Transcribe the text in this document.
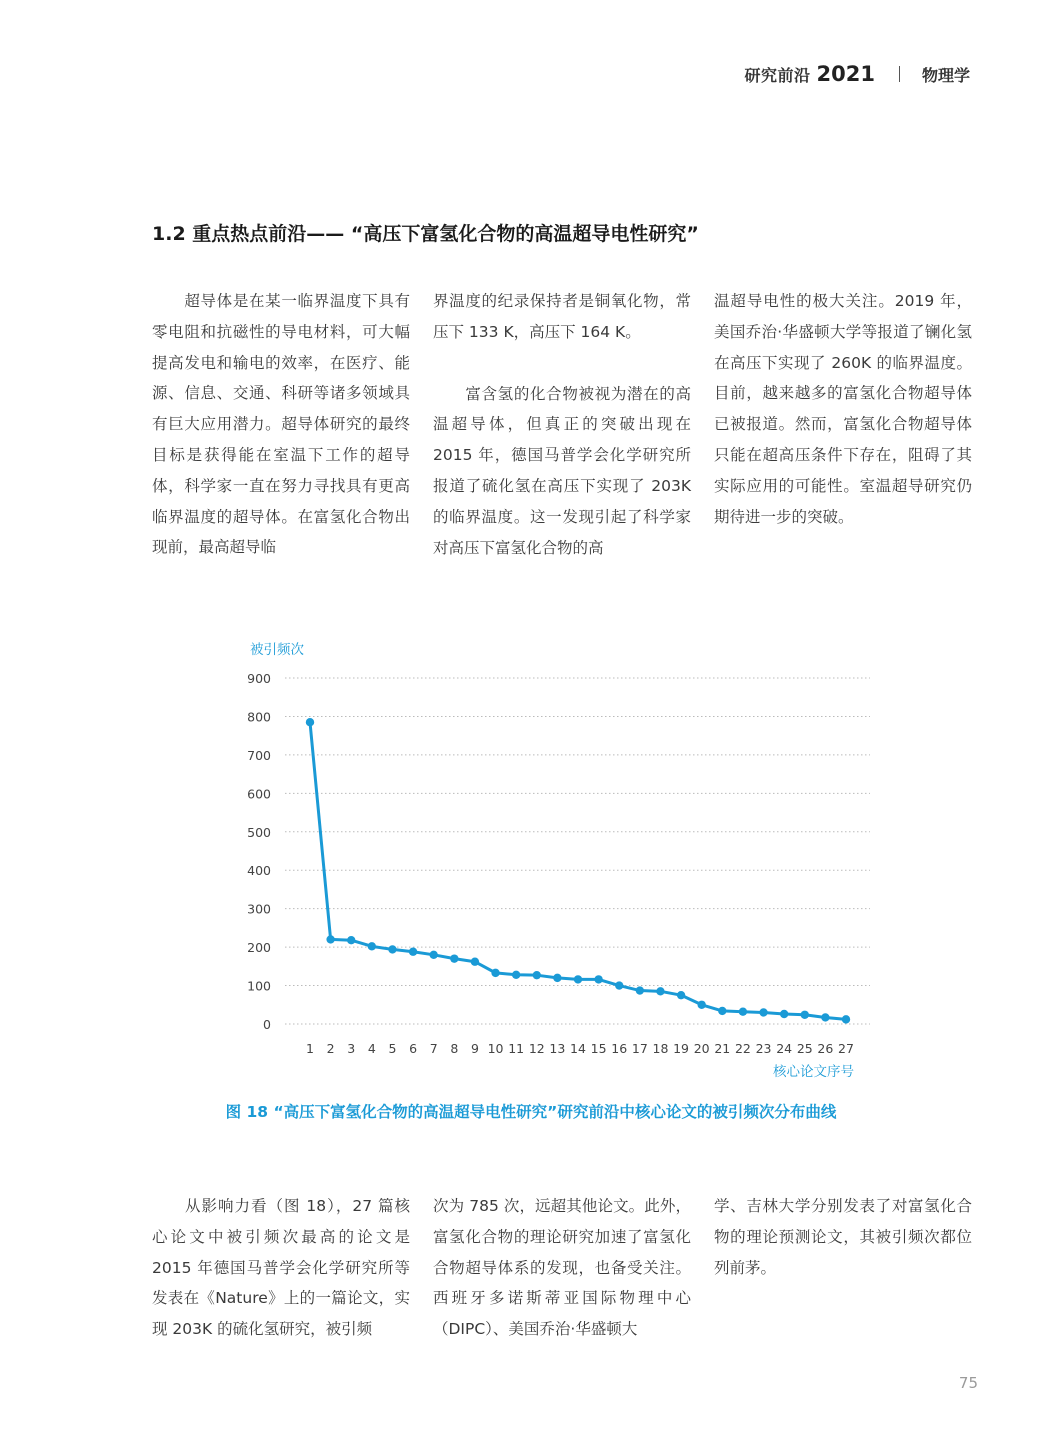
研究前沿 2021	物理学
1.2 重点热点前沿—— “高压下富氢化合物的高温超导电性研究”

　　超导体是在某一临界温度下具有零电阻和抗磁性的导电材料，可大幅提高发电和输电的效率，在医疗、能源、信息、交通、科研等诸多领域具有巨大应用潜力。超导体研究的最终目标是获得能在室温下工作的超导体，科学家一直在努力寻找具有更高临界温度的超导体。在富氢化合物出现前，最高超导临

界温度的纪录保持者是铜氧化物，常压下 133 K，高压下 164 K。

　　富含氢的化合物被视为潜在的高温超导体，但真正的突破出现在 2015 年，德国马普学会化学研究所报道了硫化氢在高压下实现了 203K 的临界温度。这一发现引起了科学家对高压下富氢化合物的高

温超导电性的极大关注。2019 年，美国乔治·华盛顿大学等报道了镧化氢在高压下实现了 260K 的临界温度。目前，越来越多的富氢化合物超导体已被报道。然而，富氢化合物超导体只能在超高压条件下存在，阻碍了其实际应用的可能性。室温超导研究仍期待进一步的突破。

被引频次
0
100
200
300
400
500
600
700
800
900
1 2 3 4 5 6 7 8 9 10 11 12 13 14 15 16 17 18 19 20 21 22 23 24 25 26 27
核心论文序号
图 18 “高压下富氢化合物的高温超导电性研究”研究前沿中核心论文的被引频次分布曲线

　　从影响力看（图 18），27 篇核心论文中被引频次最高的论文是 2015 年德国马普学会化学研究所等发表在《Nature》上的一篇论文，实现 203K 的硫化氢研究，被引频

次为 785 次，远超其他论文。此外，富氢化合物的理论研究加速了富氢化合物超导体系的发现，也备受关注。西班牙多诺斯蒂亚国际物理中心（DIPC）、美国乔治·华盛顿大

学、吉林大学分别发表了对富氢化合物的理论预测论文，其被引频次都位列前茅。

75
